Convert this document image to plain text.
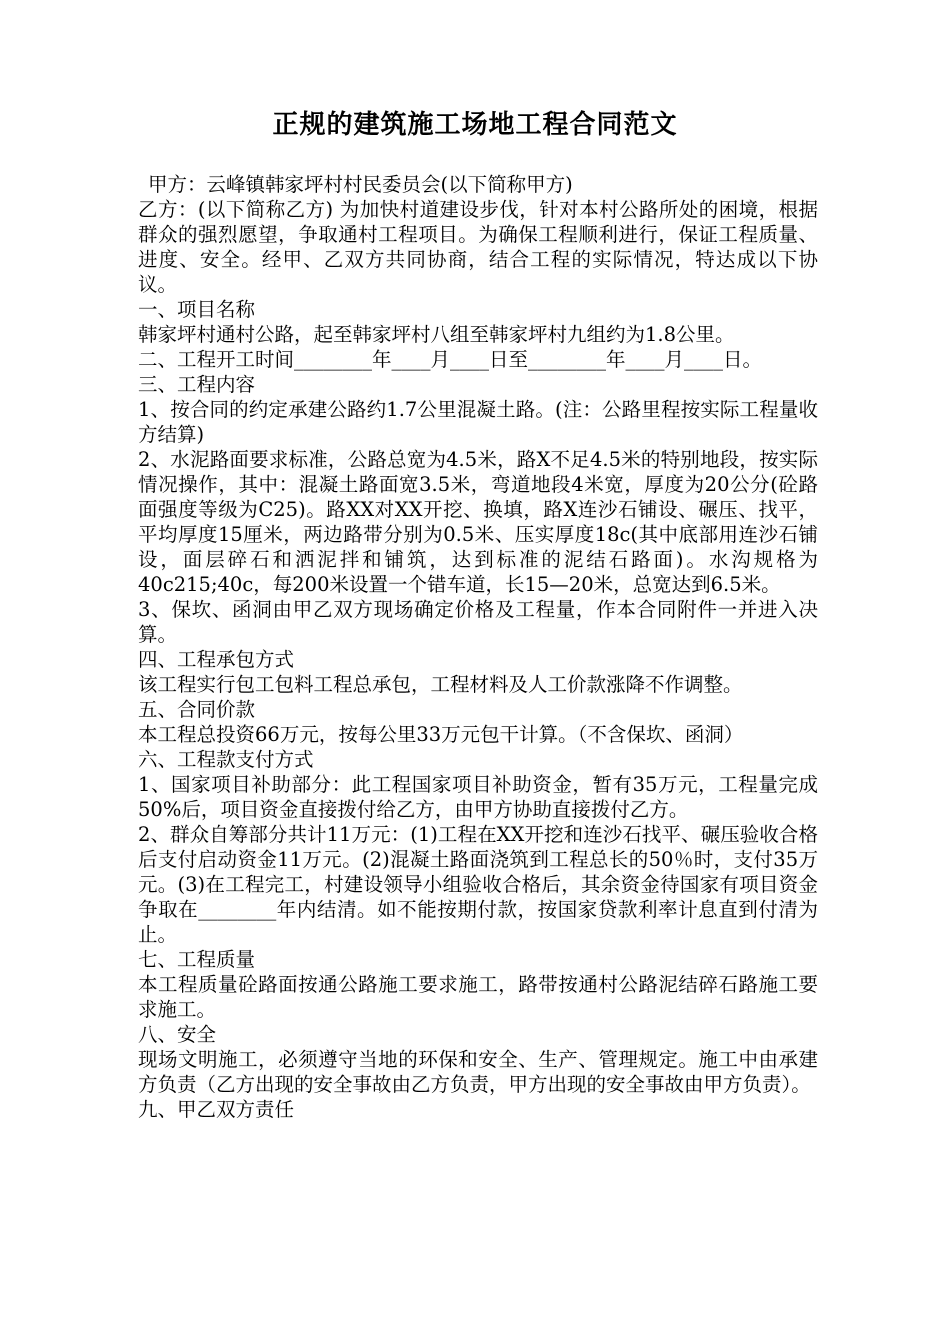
正规的建筑施工场地工程合同范文

甲方：云峰镇韩家坪村村民委员会(以下简称甲方)

乙方：(以下简称乙方) 为加快村道建设步伐，针对本村公路所处的困境，根据群众的强烈愿望，争取通村工程项目。为确保工程顺利进行，保证工程质量、进度、安全。经甲、乙双方共同协商，结合工程的实际情况，特达成以下协议。

一、项目名称

韩家坪村通村公路，起至韩家坪村八组至韩家坪村九组约为1.8公里。

二、工程开工时间________年____月____日至________年____月____日。

三、工程内容

1、按合同的约定承建公路约1.7公里混凝土路。(注：公路里程按实际工程量收方结算)

2、水泥路面要求标准，公路总宽为4.5米，路X不足4.5米的特别地段，按实际情况操作，其中：混凝土路面宽3.5米，弯道地段4米宽，厚度为20公分(砼路面强度等级为C25)。路XX对XX开挖、换填，路X连沙石铺设、碾压、找平，平均厚度15厘米，两边路带分别为0.5米、压实厚度18c(其中底部用连沙石铺设，面层碎石和洒泥拌和铺筑，达到标准的泥结石路面)。水沟规格为40c215;40c，每200米设置一个错车道，长15—20米，总宽达到6.5米。

3、保坎、函洞由甲乙双方现场确定价格及工程量，作本合同附件一并进入决算。

四、工程承包方式

该工程实行包工包料工程总承包，工程材料及人工价款涨降不作调整。

五、合同价款

本工程总投资66万元，按每公里33万元包干计算。（不含保坎、函洞）

六、工程款支付方式

1、国家项目补助部分：此工程国家项目补助资金，暂有35万元，工程量完成50%后，项目资金直接拨付给乙方，由甲方协助直接拨付乙方。

2、群众自筹部分共计11万元：(1)工程在XX开挖和连沙石找平、碾压验收合格后支付启动资金11万元。(2)混凝土路面浇筑到工程总长的50％时，支付35万元。(3)在工程完工，村建设领导小组验收合格后，其余资金待国家有项目资金争取在________年内结清。如不能按期付款，按国家贷款利率计息直到付清为止。

七、工程质量

本工程质量砼路面按通公路施工要求施工，路带按通村公路泥结碎石路施工要求施工。

八、安全

现场文明施工，必须遵守当地的环保和安全、生产、管理规定。施工中由承建方负责（乙方出现的安全事故由乙方负责，甲方出现的安全事故由甲方负责）。

九、甲乙双方责任
